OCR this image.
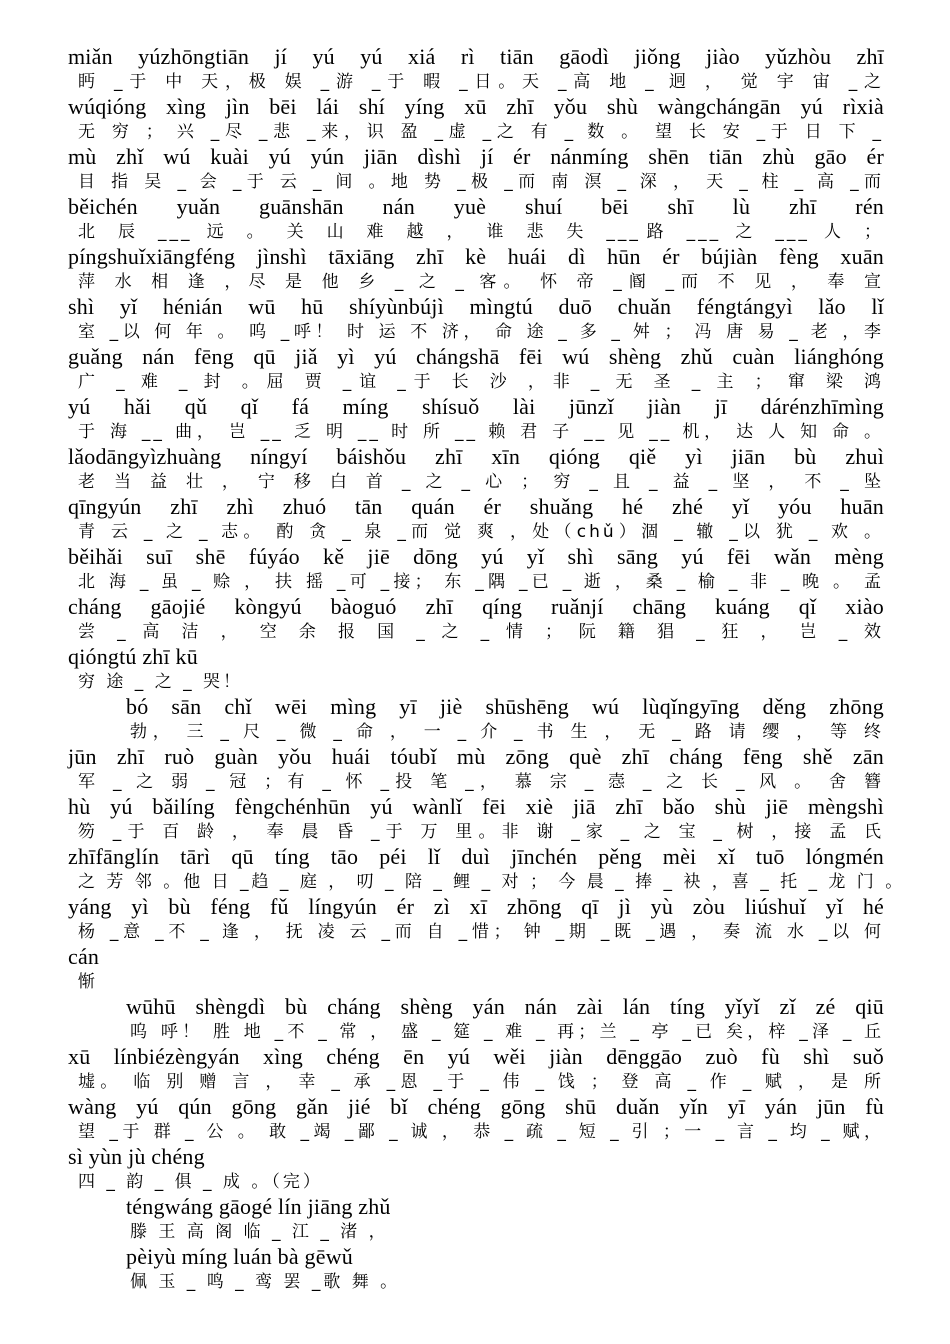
miǎn yúzhōngtiān jí yú yú xiá rì tiān gāodì jiǒng jiào yǔzhòu zhī
眄 _于 中 天，极 娱 _游 _于 暇 _日。天 _高 地 _ 迥 ， 觉 宇 宙 _之
wúqióng xìng jìn bēi lái shí yíng xū zhī yǒu shù wàngchángān yú rìxià
无 穷 ； 兴 _尽 _悲 _来，识 盈 _虚 _之 有 _ 数 。 望 长 安 _于 日 下 _
mù zhǐ wú kuài yú yún jiān dìshì jí ér nánmíng shēn tiān zhù gāo ér
目 指 吴 _ 会 _于 云 _ 间 。地 势 _极 _而 南 溟 _ 深 ， 天 _ 柱 _ 高 _而
běichén yuǎn guānshān nán yuè shuí bēi shī lù zhī rén
北 辰 ___ 远 。 关 山 难 越 ， 谁 悲 失 ___路 ___ 之 ___ 人 ；
píngshuǐxiāngféng jìnshì tāxiāng zhī kè huái dì hūn ér bújiàn fèng xuān
萍 水 相 逢 ，尽 是 他 乡 _ 之 _ 客。 怀 帝 _阍 _而 不 见 ， 奉 宣
shì yǐ hénián wū hū shíyùnbújì mìngtú duō chuǎn féngtángyì lǎo lǐ
室 _以 何 年 。 呜 _呼！ 时 运 不 济， 命 途 _ 多 _ 舛 ； 冯 唐 易 _ 老 ，李
guǎng nán fēng qū jiǎ yì yú chángshā fēi wú shèng zhǔ cuàn liánghóng
广 _ 难 _ 封 。屈 贾 _谊 _于 长 沙 ，非 _ 无 圣 _ 主 ； 窜 梁 鸿
yú hǎi qǔ qǐ fá míng shísuǒ lài jūnzǐ jiàn jī dárénzhīmìng
于 海 __ 曲， 岂 __ 乏 明 __ 时 所 __ 赖 君 子 __ 见 __ 机， 达 人 知 命 。
lǎodāngyìzhuàng níngyí báishǒu zhī xīn qióng qiě yì jiān bù zhuì
老 当 益 壮 ， 宁 移 白 首 _ 之 _ 心 ； 穷 _ 且 _ 益 _ 坚 ， 不 _ 坠
qīngyún zhī zhì zhuó tān quán ér shuǎng hé zhé yǐ yóu huān
青 云 _ 之 _ 志。 酌 贪 _ 泉 _而 觉 爽 ，处（chǔ）涸 _ 辙 _以 犹 _ 欢 。
běihǎi suī shē fúyáo kě jiē dōng yú yǐ shì sāng yú fēi wǎn mèng
北 海 _ 虽 _ 赊 ， 扶 摇 _可 _接； 东 _隅 _已 _ 逝 ， 桑 _ 榆 _ 非 _ 晚 。 孟
cháng gāojié kòngyú bàoguó zhī qíng ruǎnjí chāng kuáng qǐ xiào
尝 _ 高 洁 ， 空 余 报 国 _ 之 _ 情 ； 阮 籍 猖 _ 狂 ， 岂 _ 效
qióngtú zhī kū
穷 途 _ 之 _ 哭！
bó sān chǐ wēi mìng yī jiè shūshēng wú lùqǐngyīng děng zhōng
勃， 三 _ 尺 _ 微 _ 命 ， 一 _ 介 _ 书 生 ， 无 _ 路 请 缨 ， 等 终
jūn zhī ruò guàn yǒu huái tóubǐ mù zōng què zhī cháng fēng shě zān
军 _ 之 弱 _ 冠 ；有 _ 怀 _投 笔 _， 慕 宗 _ 悫 _ 之 长 _ 风 。 舍 簪
hù yú bǎilíng fèngchénhūn yú wànlǐ fēi xiè jiā zhī bǎo shù jiē mèngshì
笏 _于 百 龄 ， 奉 晨 昏 _于 万 里。非 谢 _家 _ 之 宝 _ 树 ，接 孟 氏
zhīfānglín tārì qū tíng tāo péi lǐ duì jīnchén pěng mèi xǐ tuō lóngmén
之 芳 邻 。他 日 _趋 _ 庭 ， 叨 _ 陪 _ 鲤 _ 对 ； 今 晨 _ 捧 _ 袂 ，喜 _ 托 _ 龙 门 。
yáng yì bù féng fǔ língyún ér zì xī zhōng qī jì yù zòu liúshuǐ yǐ hé
杨 _意 _不 _ 逢 ， 抚 凌 云 _而 自 _惜； 钟 _期 _既 _遇 ， 奏 流 水 _以 何
cán
惭
wūhū shèngdì bù cháng shèng yán nán zài lán tíng yǐyǐ zǐ zé qiū
呜 呼！ 胜 地 _不 _ 常 ， 盛 _ 筵 _ 难 _ 再；兰 _ 亭 _已 矣，梓 _泽 _ 丘
xū línbiézèngyán xìng chéng ēn yú wěi jiàn dēnggāo zuò fù shì suǒ
墟。 临 别 赠 言 ， 幸 _ 承 _恩 _于 _ 伟 _ 饯 ； 登 高 _ 作 _ 赋 ， 是 所
wàng yú qún gōng gǎn jié bǐ chéng gōng shū duǎn yǐn yī yán jūn fù
望 _于 群 _ 公 。 敢 _竭 _鄙 _ 诚 ， 恭 _ 疏 _ 短 _ 引 ；一 _ 言 _ 均 _ 赋，
sì yùn jù chéng
四 _ 韵 _ 俱 _ 成 。（完）
téngwáng gāogé lín jiāng zhǔ
滕 王 高 阁 临 _ 江 _ 渚 ，
pèiyù míng luán bà gēwǔ
佩 玉 _ 鸣 _ 鸾 罢 _歌 舞 。
